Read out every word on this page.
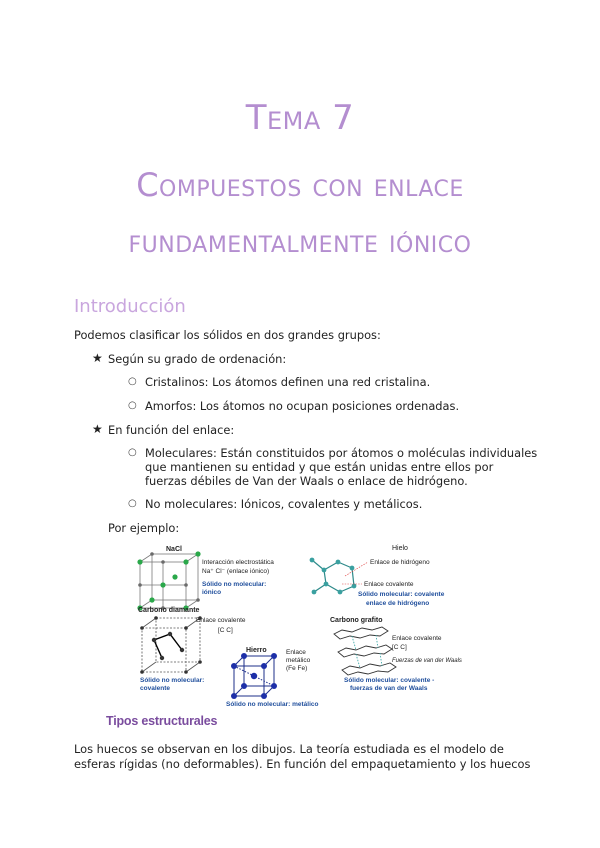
Tema 7
Compuestos con enlace
fundamentalmente iónico
Introducción
Podemos clasificar los sólidos en dos grandes grupos:
★ Según su grado de ordenación:
○ Cristalinos: Los átomos definen una red cristalina.
○ Amorfos: Los átomos no ocupan posiciones ordenadas.
★ En función del enlace:
○ Moleculares: Están constituidos por átomos o moléculas individuales
que mantienen su entidad y que están unidas entre ellos por
fuerzas débiles de Van der Waals o enlace de hidrógeno.
○ No moleculares: Iónicos, covalentes y metálicos.
Por ejemplo:
NaCl
Interacción electrostática
Na⁺ Cl⁻ (enlace iónico)
Sólido no molecular:
iónico
Hielo
Enlace de hidrógeno
Enlace covalente
Sólido molecular: covalente
enlace de hidrógeno
Carbono diamante
Enlace covalente
[C C]
Sólido no molecular:
covalente
Hierro	Enlace
metálico
(Fe Fe)
Sólido no molecular: metálico
Carbono grafito
Enlace covalente
[C C]
Fuerzas de van der Waals
Sólido molecular: covalente -
fuerzas de van der Waals
Tipos estructurales
Los huecos se observan en los dibujos. La teoría estudiada es el modelo de
esferas rígidas (no deformables). En función del empaquetamiento y los huecos
